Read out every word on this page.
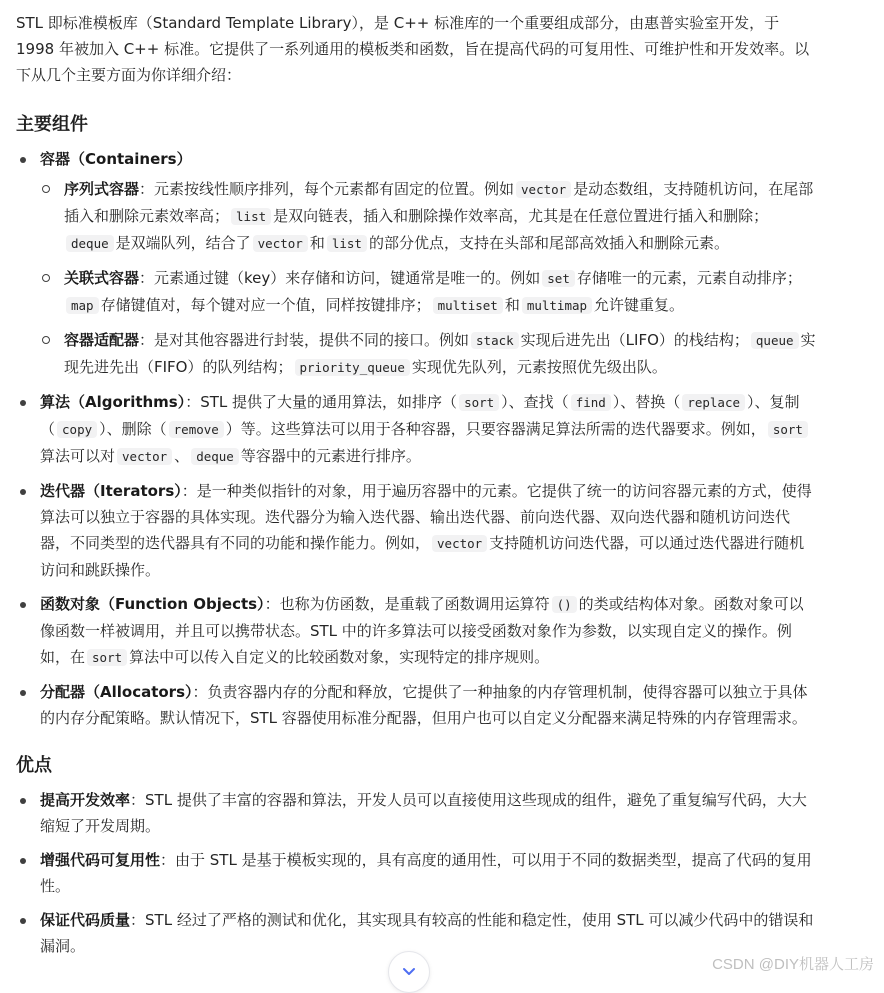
STL 即标准模板库（Standard Template Library），是 C++ 标准库的一个重要组成部分，由惠普实验室开发，于 1998 年被加入 C++ 标准。它提供了一系列通用的模板类和函数，旨在提高代码的可复用性、可维护性和开发效率。以下从几个主要方面为你详细介绍：

主要组件
容器（Containers）
序列式容器：元素按线性顺序排列，每个元素都有固定的位置。例如 vector 是动态数组，支持随机访问，在尾部插入和删除元素效率高； list 是双向链表，插入和删除操作效率高，尤其是在任意位置进行插入和删除；deque 是双端队列，结合了 vector 和 list 的部分优点，支持在头部和尾部高效插入和删除元素。
关联式容器：元素通过键（key）来存储和访问，键通常是唯一的。例如 set 存储唯一的元素，元素自动排序；map 存储键值对，每个键对应一个值，同样按键排序； multiset 和 multimap 允许键重复。
容器适配器：是对其他容器进行封装，提供不同的接口。例如 stack 实现后进先出（LIFO）的栈结构； queue 实现先进先出（FIFO）的队列结构； priority_queue 实现优先队列，元素按照优先级出队。
算法（Algorithms）：STL 提供了大量的通用算法，如排序（ sort ）、查找（ find ）、替换（ replace ）、复制（ copy ）、删除（ remove ）等。这些算法可以用于各种容器，只要容器满足算法所需的迭代器要求。例如， sort算法可以对 vector 、 deque 等容器中的元素进行排序。
迭代器（Iterators）：是一种类似指针的对象，用于遍历容器中的元素。它提供了统一的访问容器元素的方式，使得算法可以独立于容器的具体实现。迭代器分为输入迭代器、输出迭代器、前向迭代器、双向迭代器和随机访问迭代器，不同类型的迭代器具有不同的功能和操作能力。例如， vector 支持随机访问迭代器，可以通过迭代器进行随机访问和跳跃操作。
函数对象（Function Objects）：也称为仿函数，是重载了函数调用运算符 () 的类或结构体对象。函数对象可以像函数一样被调用，并且可以携带状态。STL 中的许多算法可以接受函数对象作为参数，以实现自定义的操作。例如，在 sort 算法中可以传入自定义的比较函数对象，实现特定的排序规则。
分配器（Allocators）：负责容器内存的分配和释放，它提供了一种抽象的内存管理机制，使得容器可以独立于具体的内存分配策略。默认情况下，STL 容器使用标准分配器，但用户也可以自定义分配器来满足特殊的内存管理需求。
优点
提高开发效率：STL 提供了丰富的容器和算法，开发人员可以直接使用这些现成的组件，避免了重复编写代码，大大缩短了开发周期。
增强代码可复用性：由于 STL 是基于模板实现的，具有高度的通用性，可以用于不同的数据类型，提高了代码的复用性。
保证代码质量：STL 经过了严格的测试和优化，其实现具有较高的性能和稳定性，使用 STL 可以减少代码中的错误和漏洞。
CSDN @DIY机器人工房
